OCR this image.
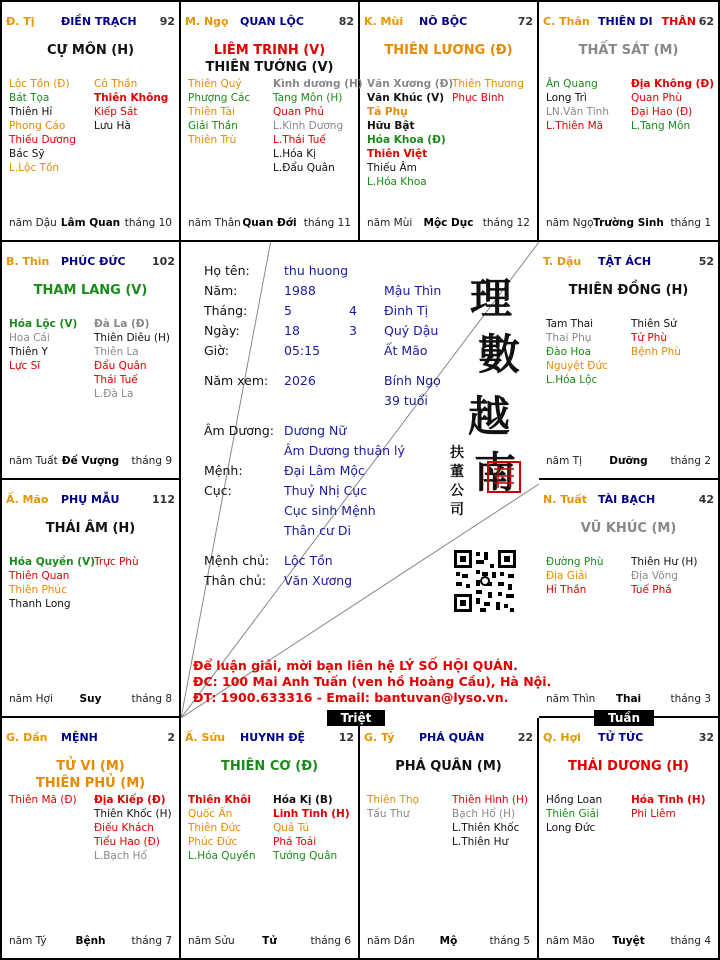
Đ. Tị ĐIỀN TRẠCH 92
CỰ MÔN (H)
Lộc Tồn (Đ)
Bát Tọa
Thiên Hỉ
Phong Cáo
Thiếu Dương
Bác Sỹ
L.Lộc Tồn
Cô Thần
Thiên Không
Kiếp Sát
Lưu Hà
năm Dậu Lâm Quan tháng 10
M. Ngọ QUAN LỘC	82
LIÊM TRINH (V)
THIÊN TƯỚNG (V)
Thiên Quý
Phượng Các
Thiên Tài
Giải Thần
Thiên Trù
Kình dương (H)
Tang Môn (H)
Quan Phủ
L.Kình Dương
L.Thái Tuế
L.Hóa Kị
L.Đẩu Quân
năm Thân Quan Đới tháng 11
K. Mùi NÔ BỘC	72
THIÊN LƯƠNG (Đ)
Văn Xương (Đ)
Văn Khúc (V)
Tả Phụ
Hữu Bật
Hóa Khoa (Đ)
Thiên Việt
Thiếu Âm
L.Hóa Khoa
Thiên Thương
Phục Binh
năm Mùi	Mộc Dục tháng 12
C. Thân THIÊN DI THÂN 62
THẤT SÁT (M)
Ân Quang
Long Trì
LN.Văn Tinh
L.Thiên Mã
Địa Không (Đ)
Quan Phù
Đại Hao (Đ)
L.Tang Môn
năm Ngọ Trường Sinh tháng 1
B. Thìn PHÚC ĐỨC 102
THAM LANG (V)
Hóa Lộc (V)
Hoa Cái
Thiên Y
Lực Sĩ
Đà La (Đ)
Thiên Diêu (H)
Thiên La
Đẩu Quân
Thái Tuế
L.Đà La
năm Tuất Đế Vượng	tháng 9
T. Dậu TẬT ÁCH	52
THIÊN ĐỒNG (H)
Tam Thai
Thai Phụ
Đào Hoa
Nguyệt Đức
L.Hóa Lộc
Thiên Sứ
Tử Phù
Bệnh Phù
năm Tị	Dưỡng	tháng 2
Ấ. Mão PHỤ MẪU	112
THÁI ÂM (H)
Hóa Quyền (V)
Thiên Quan
Thiên Phúc
Thanh Long
Trực Phù
năm Hợi	Suy	tháng 8
N. Tuất TÀI BẠCH	42
VŨ KHÚC (M)
Đường Phù
Địa Giải
Hỉ Thần
Thiên Hư (H)
Địa Võng
Tuế Phá
năm Thìn	Thai	tháng 3
G. Dần MỆNH	2
TỬ VI (M)
THIÊN PHỦ (M)
Thiên Mã (Đ) Địa Kiếp (Đ)
Thiên Khốc (H)
Điếu Khách
Tiểu Hao (Đ)
L.Bạch Hổ
năm Tý	Bệnh	tháng 7
Ấ. Sửu HUYNH ĐỆ	12
THIÊN CƠ (Đ)
Thiên Khôi
Quốc Ấn
Thiên Đức
Phúc Đức
L.Hóa Quyền
Hóa Kị (B)
Linh Tinh (H)
Quả Tú
Phá Toái
Tướng Quân
năm Sửu	Tử	tháng 6
G. Tý PHÁ QUÂN	22
PHÁ QUÂN (M)
Thiên Thọ
Tấu Thư
Thiên Hình (H)
Bạch Hổ (H)
L.Thiên Khốc
L.Thiên Hư
năm Dần	Mộ	tháng 5
Q. Hợi TỬ TỨC	32
THÁI DƯƠNG (H)
Hồng Loan
Thiên Giải
Long Đức
Hóa Tinh (H)
Phi Liêm
năm Mão	Tuyệt	tháng 4
Họ tên:	thu huong
Năm:	1988	Mậu Thìn
Tháng:	5	4 Đinh Tị
Ngày:	18	3 Quý Dậu
Giờ:	05:15	Ất Mão
Năm xem: 2026	Bính Ngọ
39 tuổi
Âm Dương: Dương Nữ
Âm Dương thuận lý
Mệnh:	Đại Lâm Mộc
Cục:	Thuỷ Nhị Cục
Cục sinh Mệnh
Thân cư Di
Mệnh chủ: Lộc Tồn
Thân chủ: Văn Xương
理
數
越
南
扶
董
公
司
Để luận giải, mời bạn liên hệ LÝ SỐ HỘI QUÁN.
ĐC: 100 Mai Anh Tuấn (ven hồ Hoàng Cầu), Hà Nội.
ĐT: 1900.633316 - Email: bantuvan@lyso.vn.
Triệt	Tuần
